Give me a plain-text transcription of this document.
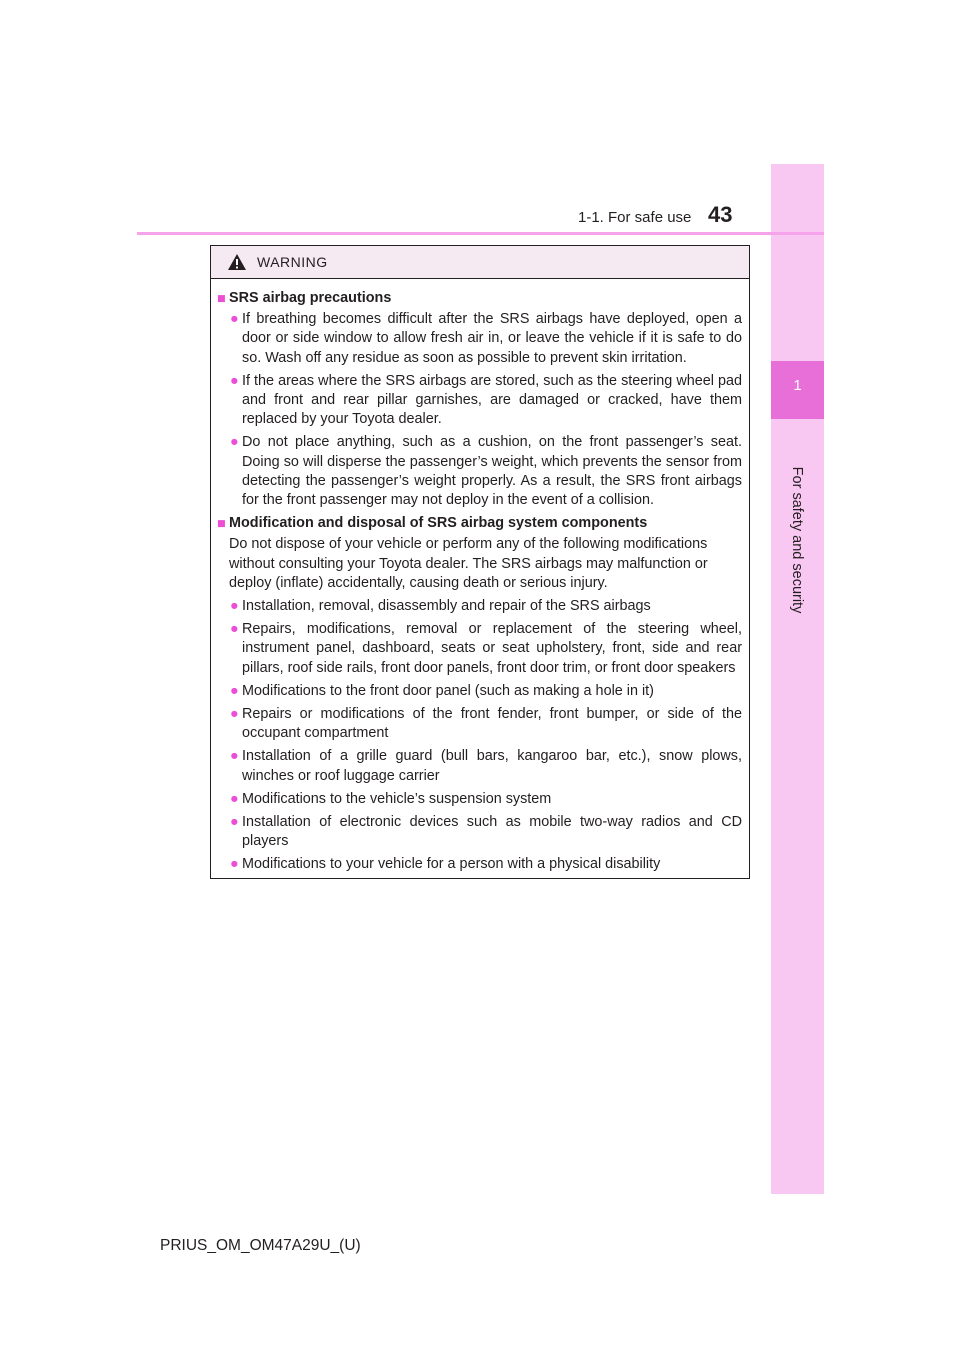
1
For safety and security
1-1. For safe use 43
WARNING
■ SRS airbag precautions
● If breathing becomes difficult after the SRS airbags have deployed, open a door or side window to allow fresh air in, or leave the vehicle if it is safe to do so. Wash off any residue as soon as possible to prevent skin irritation.
● If the areas where the SRS airbags are stored, such as the steering wheel pad and front and rear pillar garnishes, are damaged or cracked, have them replaced by your Toyota dealer.
● Do not place anything, such as a cushion, on the front passenger’s seat. Doing so will disperse the passenger’s weight, which prevents the sensor from detecting the passenger’s weight properly. As a result, the SRS front airbags for the front passenger may not deploy in the event of a collision.
■ Modification and disposal of SRS airbag system components
Do not dispose of your vehicle or perform any of the following modifications without consulting your Toyota dealer. The SRS airbags may malfunction or deploy (inflate) accidentally, causing death or serious injury.
● Installation, removal, disassembly and repair of the SRS airbags
● Repairs, modifications, removal or replacement of the steering wheel, instrument panel, dashboard, seats or seat upholstery, front, side and rear pillars, roof side rails, front door panels, front door trim, or front door speakers
● Modifications to the front door panel (such as making a hole in it)
● Repairs or modifications of the front fender, front bumper, or side of the occupant compartment
● Installation of a grille guard (bull bars, kangaroo bar, etc.), snow plows, winches or roof luggage carrier
● Modifications to the vehicle’s suspension system
● Installation of electronic devices such as mobile two-way radios and CD players
● Modifications to your vehicle for a person with a physical disability
PRIUS_OM_OM47A29U_(U)
